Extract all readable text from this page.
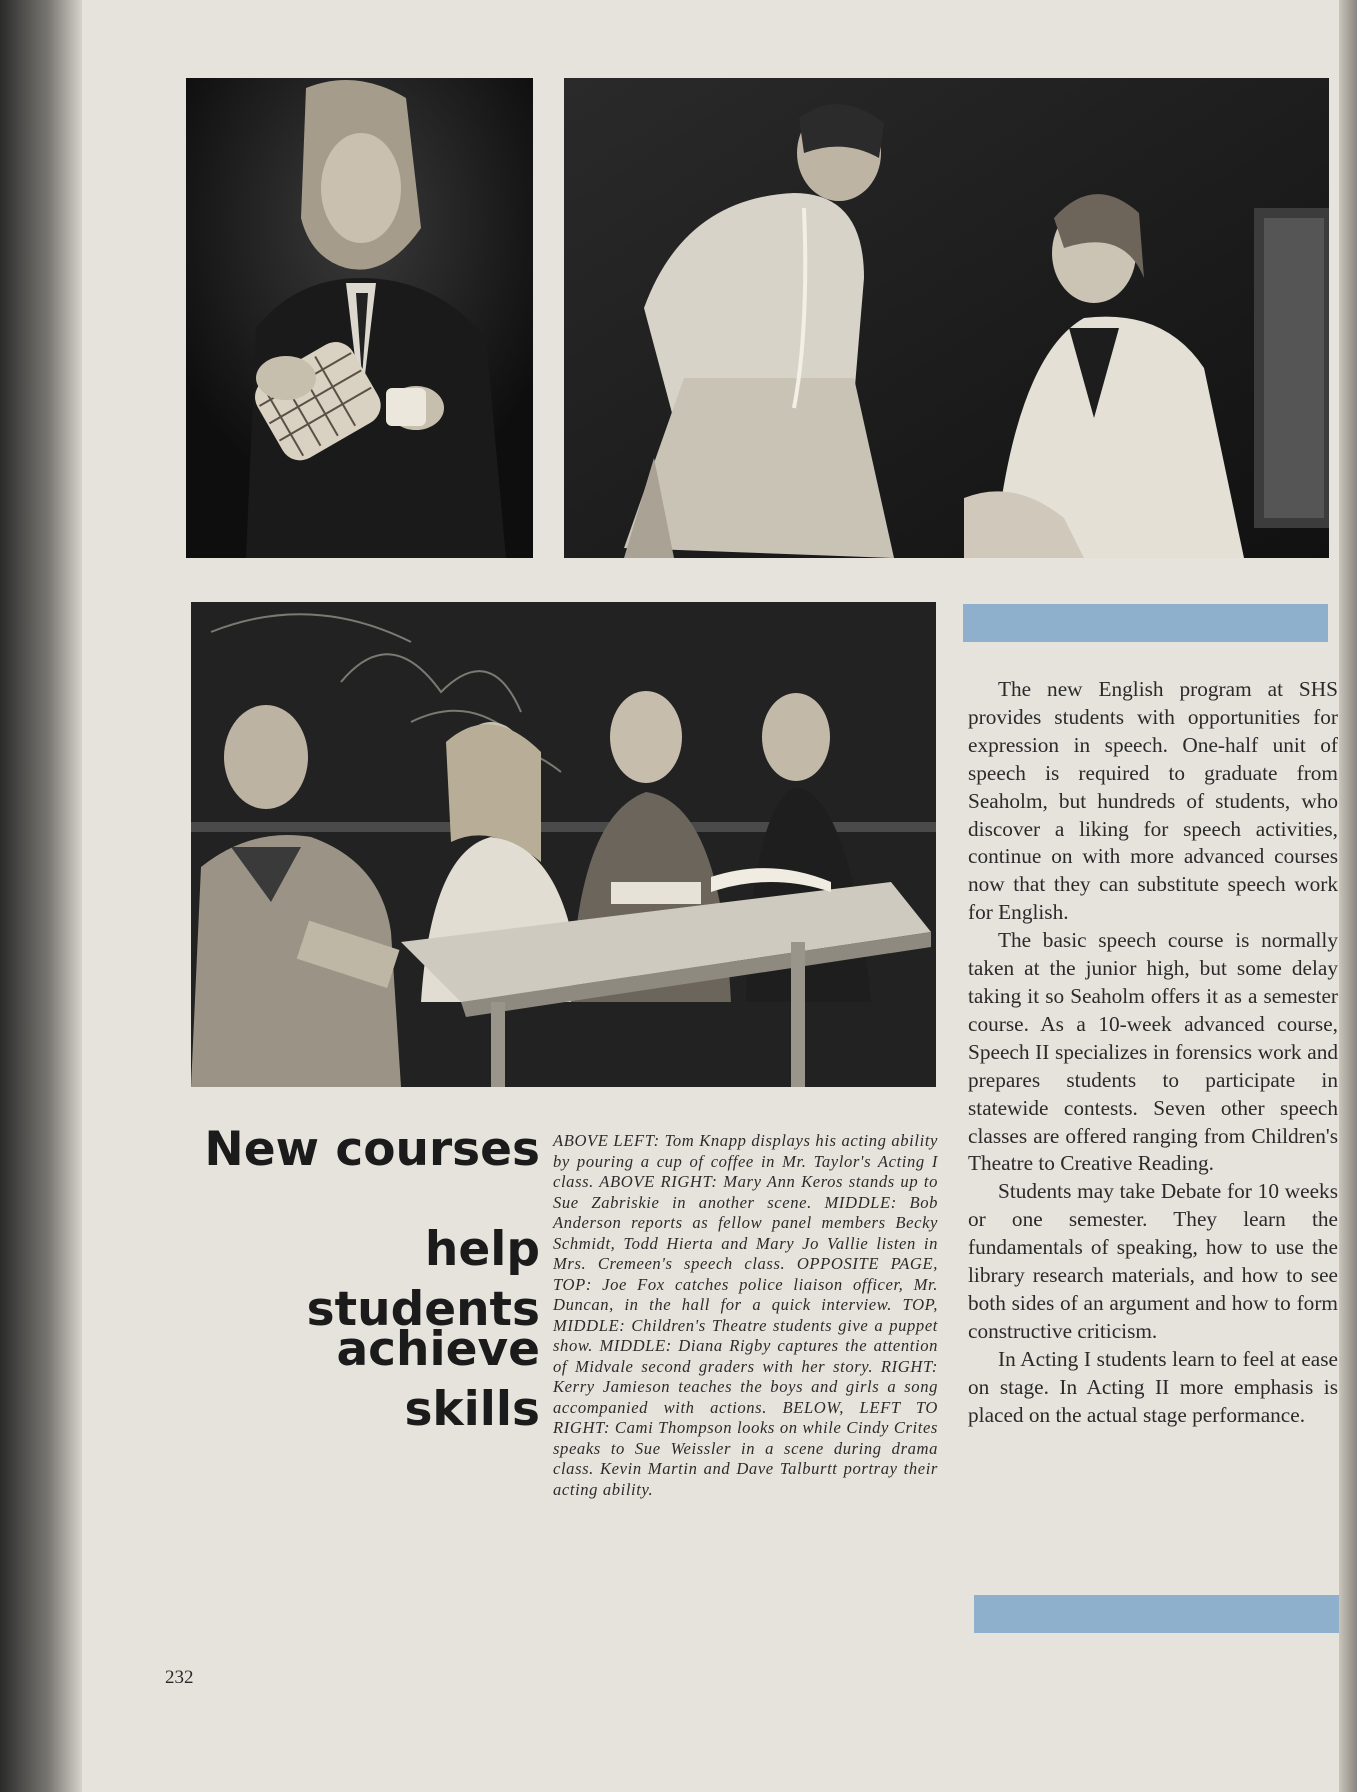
New courses
help students
achieve skills
ABOVE LEFT: Tom Knapp displays his acting ability by pouring a cup of coffee in Mr. Taylor's Acting I class. ABOVE RIGHT: Mary Ann Keros stands up to Sue Zabriskie in another scene. MIDDLE: Bob Anderson reports as fellow panel members Becky Schmidt, Todd Hierta and Mary Jo Vallie listen in Mrs. Cremeen's speech class. OPPOSITE PAGE, TOP: Joe Fox catches police liaison officer, Mr. Duncan, in the hall for a quick interview. TOP, MIDDLE: Children's Theatre students give a puppet show. MIDDLE: Diana Rigby captures the attention of Midvale second graders with her story. RIGHT: Kerry Jamieson teaches the boys and girls a song accompanied with actions. BELOW, LEFT TO RIGHT: Cami Thompson looks on while Cindy Crites speaks to Sue Weissler in a scene during drama class. Kevin Martin and Dave Talburtt portray their acting ability.

The new English program at SHS provides students with opportunities for expression in speech. One-half unit of speech is required to graduate from Seaholm, but hundreds of students, who discover a liking for speech activities, continue on with more advanced courses now that they can substitute speech work for English.

The basic speech course is normally taken at the junior high, but some delay taking it so Seaholm offers it as a semester course. As a 10-week advanced course, Speech II specializes in forensics work and prepares students to participate in statewide contests. Seven other speech classes are offered ranging from Children's Theatre to Creative Reading.

Students may take Debate for 10 weeks or one semester. They learn the fundamentals of speaking, how to use the library research materials, and how to see both sides of an argument and how to form constructive criticism.

In Acting I students learn to feel at ease on stage. In Acting II more emphasis is placed on the actual stage performance.

232
